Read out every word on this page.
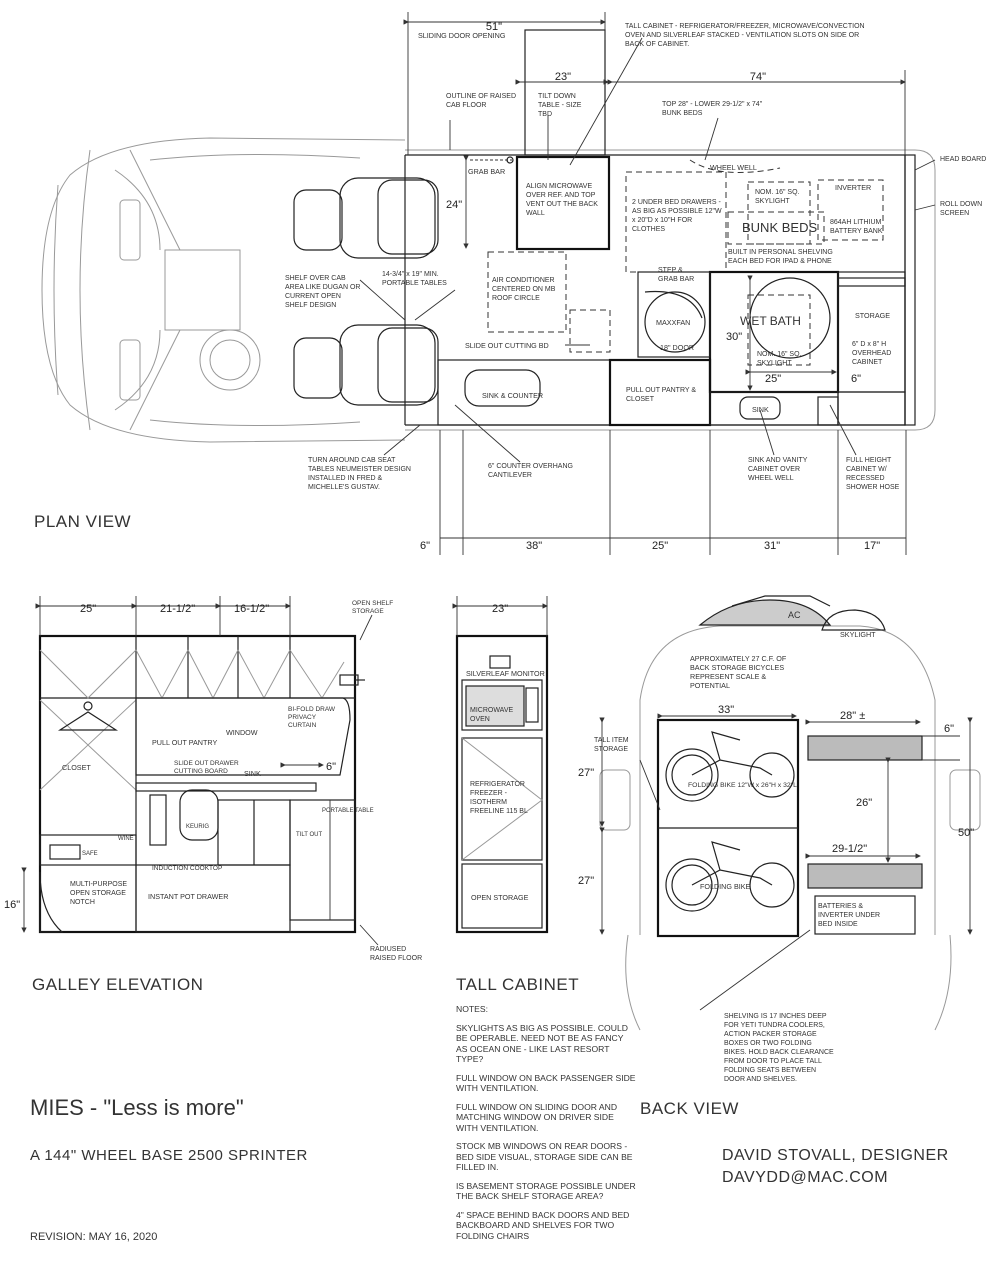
51"
SLIDING DOOR OPENING
23"	74"
24"
30"
25"	6"
6"	38"	25"	31"	17"
TALL CABINET - REFRIGERATOR/FREEZER, MICROWAVE/CONVECTION OVEN AND SILVERLEAF STACKED - VENTILATION SLOTS ON SIDE OR BACK OF CABINET.
TILT DOWN TABLE - SIZE TBD
OUTLINE OF RAISED CAB FLOOR	TOP 28" - LOWER 29-1/2" x 74" BUNK BEDS
WHEEL WELL
NOM. 16" SQ. SKYLIGHT
INVERTER
HEAD BOARD
ROLL DOWN SCREEN
GRAB BAR
ALIGN MICROWAVE OVER REF. AND TOP VENT OUT THE BACK WALL
2 UNDER BED DRAWERS - AS BIG AS POSSIBLE 12"W x 20"D x 10"H FOR CLOTHES	BUNK BEDS 864AH LITHIUM BATTERY BANK
BUILT IN PERSONAL SHELVING EACH BED FOR IPAD & PHONE
SHELF OVER CAB AREA LIKE DUGAN OR CURRENT OPEN SHELF DESIGN
14-3/4" x 19" MIN. PORTABLE TABLES	AIR CONDITIONER CENTERED ON MB ROOF CIRCLE
STEP & GRAB BAR
MAXXFAN
18" DOOR
WET BATH
NOM. 16" SQ. SKYLIGHT
STORAGE
6" D x 8" H OVERHEAD CABINET
SLIDE OUT CUTTING BD
SINK & COUNTER
PULL OUT PANTRY & CLOSET
SINK
TURN AROUND CAB SEAT TABLES NEUMEISTER DESIGN INSTALLED IN FRED & MICHELLE'S GUSTAV.
6" COUNTER OVERHANG CANTILEVER
SINK AND VANITY CABINET OVER WHEEL WELL
FULL HEIGHT CABINET W/ RECESSED SHOWER HOSE
PLAN VIEW
25"	21-1/2"	16-1/2"
6"
16"
OPEN SHELF STORAGE
CLOSET
PULL OUT PANTRY
WINDOW
BI-FOLD DRAW PRIVACY CURTAIN
SLIDE OUT DRAWER CUTTING BOARD	SINK
KEURIG
PORTABLE TABLE
WINE
SAFE
TILT OUT
INDUCTION COOKTOP
MULTI-PURPOSE OPEN STORAGE NOTCH
INSTANT POT DRAWER
RADIUSED RAISED FLOOR
GALLEY ELEVATION
23"
SILVERLEAF MONITOR
MICROWAVE OVEN
REFRIGERATOR FREEZER - ISOTHERM FREELINE 115 BL
OPEN STORAGE
TALL CABINET
AC
SKYLIGHT
APPROXIMATELY 27 C.F. OF BACK STORAGE BICYCLES REPRESENT SCALE & POTENTIAL
33"	28" ±
6"
27"
27"
26"
50"
29-1/2"
TALL ITEM STORAGE
FOLDING BIKE 12"W x 26"H x 32"L
FOLDING BIKE
BATTERIES & INVERTER UNDER BED INSIDE
SHELVING IS 17 INCHES DEEP FOR YETI TUNDRA COOLERS, ACTION PACKER STORAGE BOXES OR TWO FOLDING BIKES. HOLD BACK CLEARANCE FROM DOOR TO PLACE TALL FOLDING SEATS BETWEEN DOOR AND SHELVES.
BACK VIEW
MIES - "Less is more"
A 144" WHEEL BASE 2500 SPRINTER
REVISION: MAY 16, 2020
DAVID STOVALL, DESIGNER
DAVYDD@MAC.COM
NOTES:
SKYLIGHTS AS BIG AS POSSIBLE. COULD BE OPERABLE. NEED NOT BE AS FANCY AS OCEAN ONE - LIKE LAST RESORT TYPE?
FULL WINDOW ON BACK PASSENGER SIDE WITH VENTILATION.
FULL WINDOW ON SLIDING DOOR AND MATCHING WINDOW ON DRIVER SIDE WITH VENTILATION.
STOCK MB WINDOWS ON REAR DOORS - BED SIDE VISUAL, STORAGE SIDE CAN BE FILLED IN.
IS BASEMENT STORAGE POSSIBLE UNDER THE BACK SHELF STORAGE AREA?
4" SPACE BEHIND BACK DOORS AND BED BACKBOARD AND SHELVES FOR TWO FOLDING CHAIRS
